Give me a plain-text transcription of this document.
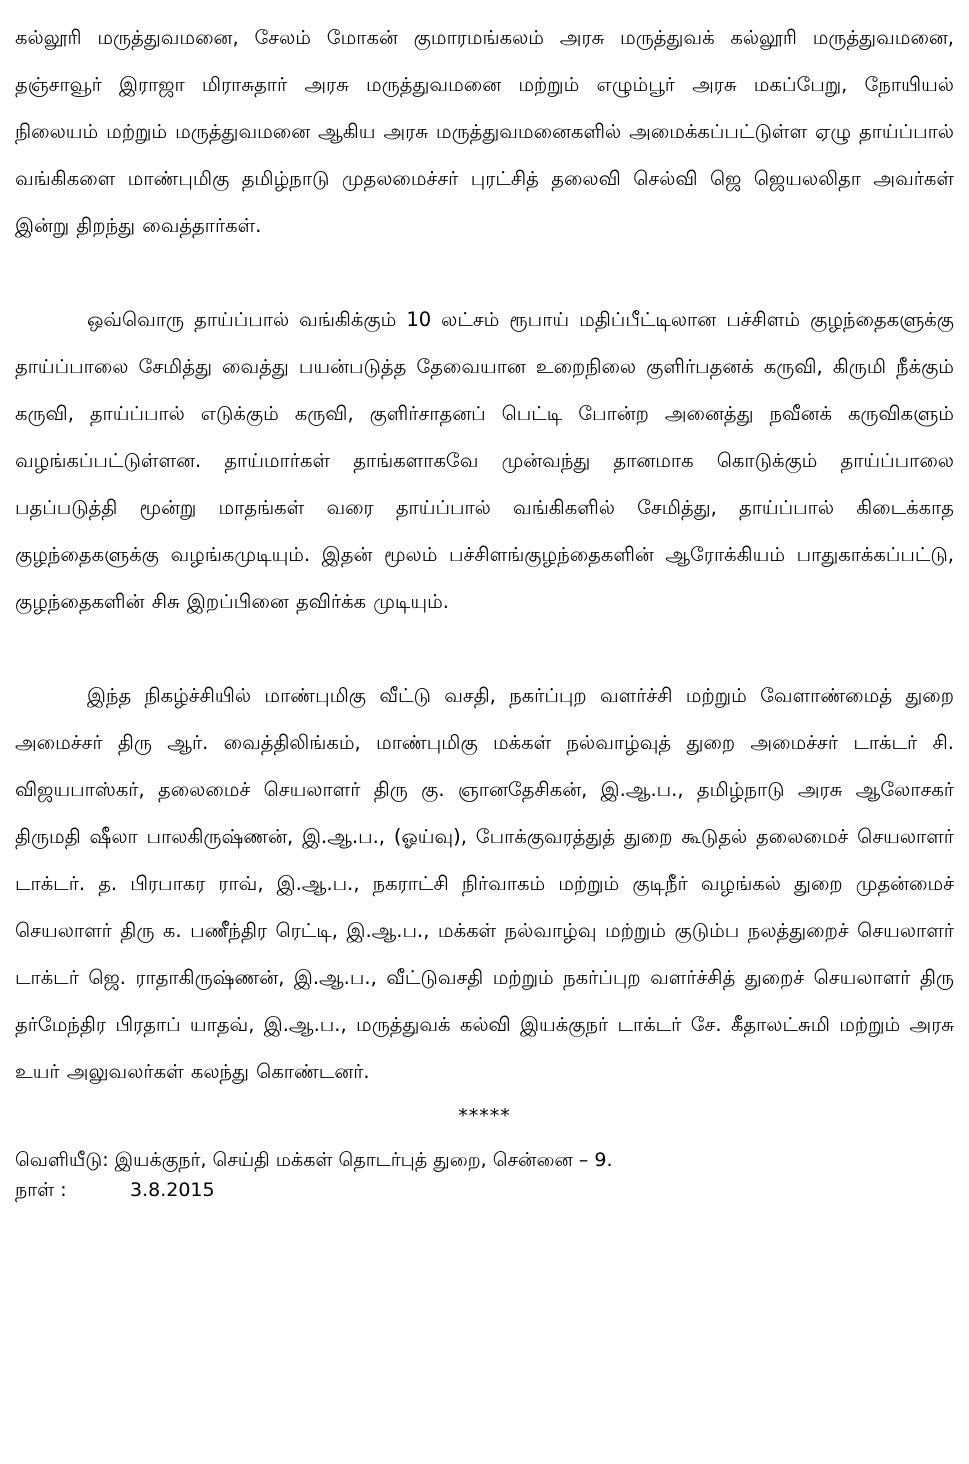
கல்லூரி மருத்துவமனை, சேலம் மோகன் குமாரமங்கலம் அரசு மருத்துவக் கல்லூரி மருத்துவமனை, தஞ்சாவூர் இராஜா மிராசுதார் அரசு மருத்துவமனை மற்றும் எழும்பூர் அரசு மகப்பேறு, நோயியல் நிலையம் மற்றும் மருத்துவமனை ஆகிய அரசு மருத்துவமனைகளில் அமைக்கப்பட்டுள்ள ஏழு தாய்ப்பால் வங்கிகளை மாண்புமிகு தமிழ்நாடு முதலமைச்சர் புரட்சித் தலைவி செல்வி ஜெ ஜெயலலிதா அவர்கள் இன்று திறந்து வைத்தார்கள்.

ஒவ்வொரு தாய்ப்பால் வங்கிக்கும் 10 லட்சம் ரூபாய் மதிப்பீட்டிலான பச்சிளம் குழந்தைகளுக்கு தாய்ப்பாலை சேமித்து வைத்து பயன்படுத்த தேவையான உறைநிலை குளிர்பதனக் கருவி, கிருமி நீக்கும் கருவி, தாய்ப்பால் எடுக்கும் கருவி, குளிர்சாதனப் பெட்டி போன்ற அனைத்து நவீனக் கருவிகளும் வழங்கப்பட்டுள்ளன. தாய்மார்கள் தாங்களாகவே முன்வந்து தானமாக கொடுக்கும் தாய்ப்பாலை பதப்படுத்தி மூன்று மாதங்கள் வரை தாய்ப்பால் வங்கிகளில் சேமித்து, தாய்ப்பால் கிடைக்காத குழந்தைகளுக்கு வழங்கமுடியும். இதன் மூலம் பச்சிளங்குழந்தைகளின் ஆரோக்கியம் பாதுகாக்கப்பட்டு, குழந்தைகளின் சிசு இறப்பினை தவிர்க்க முடியும்.

இந்த நிகழ்ச்சியில் மாண்புமிகு வீட்டு வசதி, நகர்ப்புற வளர்ச்சி மற்றும் வேளாண்மைத் துறை அமைச்சர் திரு ஆர். வைத்திலிங்கம், மாண்புமிகு மக்கள் நல்வாழ்வுத் துறை அமைச்சர் டாக்டர் சி. விஜயபாஸ்கர், தலைமைச் செயலாளர் திரு கு. ஞானதேசிகன், இ.ஆ.ப., தமிழ்நாடு அரசு ஆலோசகர் திருமதி ஷீலா பாலகிருஷ்ணன், இ.ஆ.ப., (ஓய்வு), போக்குவரத்துத் துறை கூடுதல் தலைமைச் செயலாளர் டாக்டர். த. பிரபாகர ராவ், இ.ஆ.ப., நகராட்சி நிர்வாகம் மற்றும் குடிநீர் வழங்கல் துறை முதன்மைச் செயலாளர் திரு க. பணீந்திர ரெட்டி, இ.ஆ.ப., மக்கள் நல்வாழ்வு மற்றும் குடும்ப நலத்துறைச் செயலாளர் டாக்டர் ஜெ. ராதாகிருஷ்ணன், இ.ஆ.ப., வீட்டுவசதி மற்றும் நகர்ப்புற வளர்ச்சித் துறைச் செயலாளர் திரு தர்மேந்திர பிரதாப் யாதவ், இ.ஆ.ப., மருத்துவக் கல்வி இயக்குநர் டாக்டர் சே. கீதாலட்சுமி மற்றும் அரசு உயர் அலுவலர்கள் கலந்து கொண்டனர்.

*****
வெளியீடு: இயக்குநர், செய்தி மக்கள் தொடர்புத் துறை, சென்னை – 9.
நாள் :	3.8.2015
